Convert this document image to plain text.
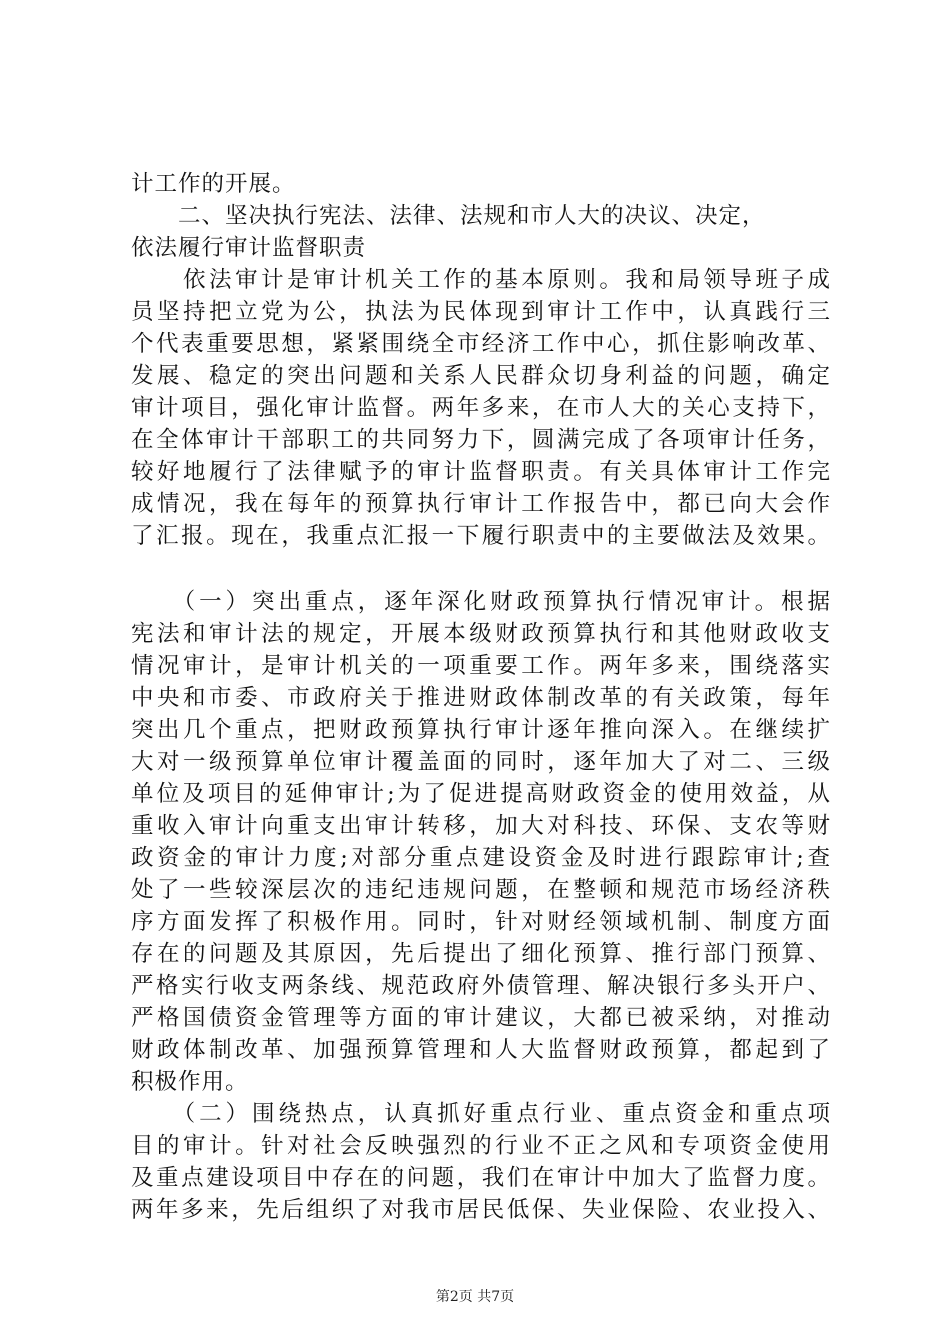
计工作的开展。
　　二、坚决执行宪法、法律、法规和市人大的决议、决定，
依法履行审计监督职责
　　依法审计是审计机关工作的基本原则。我和局领导班子成
员坚持把立党为公，执法为民体现到审计工作中，认真践行三
个代表重要思想，紧紧围绕全市经济工作中心，抓住影响改革、
发展、稳定的突出问题和关系人民群众切身利益的问题，确定
审计项目，强化审计监督。两年多来，在市人大的关心支持下，
在全体审计干部职工的共同努力下，圆满完成了各项审计任务，
较好地履行了法律赋予的审计监督职责。有关具体审计工作完
成情况，我在每年的预算执行审计工作报告中，都已向大会作
了汇报。现在，我重点汇报一下履行职责中的主要做法及效果。
　　（一）突出重点，逐年深化财政预算执行情况审计。根据
宪法和审计法的规定，开展本级财政预算执行和其他财政收支
情况审计，是审计机关的一项重要工作。两年多来，围绕落实
中央和市委、市政府关于推进财政体制改革的有关政策，每年
突出几个重点，把财政预算执行审计逐年推向深入。在继续扩
大对一级预算单位审计覆盖面的同时，逐年加大了对二、三级
单位及项目的延伸审计;为了促进提高财政资金的使用效益，从
重收入审计向重支出审计转移，加大对科技、环保、支农等财
政资金的审计力度;对部分重点建设资金及时进行跟踪审计;查
处了一些较深层次的违纪违规问题，在整顿和规范市场经济秩
序方面发挥了积极作用。同时，针对财经领域机制、制度方面
存在的问题及其原因，先后提出了细化预算、推行部门预算、
严格实行收支两条线、规范政府外债管理、解决银行多头开户、
严格国债资金管理等方面的审计建议，大都已被采纳，对推动
财政体制改革、加强预算管理和人大监督财政预算，都起到了
积极作用。
　　（二）围绕热点，认真抓好重点行业、重点资金和重点项
目的审计。针对社会反映强烈的行业不正之风和专项资金使用
及重点建设项目中存在的问题，我们在审计中加大了监督力度。
两年多来，先后组织了对我市居民低保、失业保险、农业投入、
第2页 共7页
